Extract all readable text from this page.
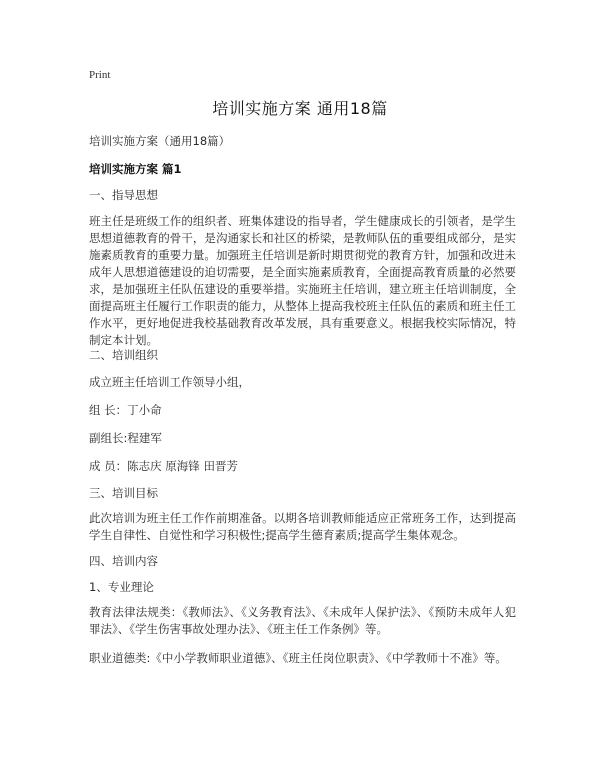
Print
培训实施方案 通用18篇
培训实施方案（通用18篇）
培训实施方案 篇1
一、指导思想
班主任是班级工作的组织者、班集体建设的指导者，学生健康成长的引领者，是学生思想道德教育的骨干，是沟通家长和社区的桥梁，是教师队伍的重要组成部分，是实施素质教育的重要力量。加强班主任培训是新时期贯彻党的教育方针，加强和改进未成年人思想道德建设的迫切需要，是全面实施素质教育，全面提高教育质量的必然要求，是加强班主任队伍建设的重要举措。实施班主任培训，建立班主任培训制度，全面提高班主任履行工作职责的能力，从整体上提高我校班主任队伍的素质和班主任工作水平，更好地促进我校基础教育改革发展，具有重要意义。根据我校实际情况，特制定本计划。
二、培训组织
成立班主任培训工作领导小组，
组 长：丁小命
副组长:程建军
成 员：陈志庆 原海锋 田晋芳
三、培训目标
此次培训为班主任工作作前期准备。以期各培训教师能适应正常班务工作，达到提高学生自律性、自觉性和学习积极性;提高学生德育素质;提高学生集体观念。
四、培训内容
1、专业理论
教育法律法规类：《教师法》、《义务教育法》、《未成年人保护法》、《预防未成年人犯罪法》、《学生伤害事故处理办法》、《班主任工作条例》等。
职业道德类:《中小学教师职业道德》、《班主任岗位职责》、《中学教师十不准》等。
